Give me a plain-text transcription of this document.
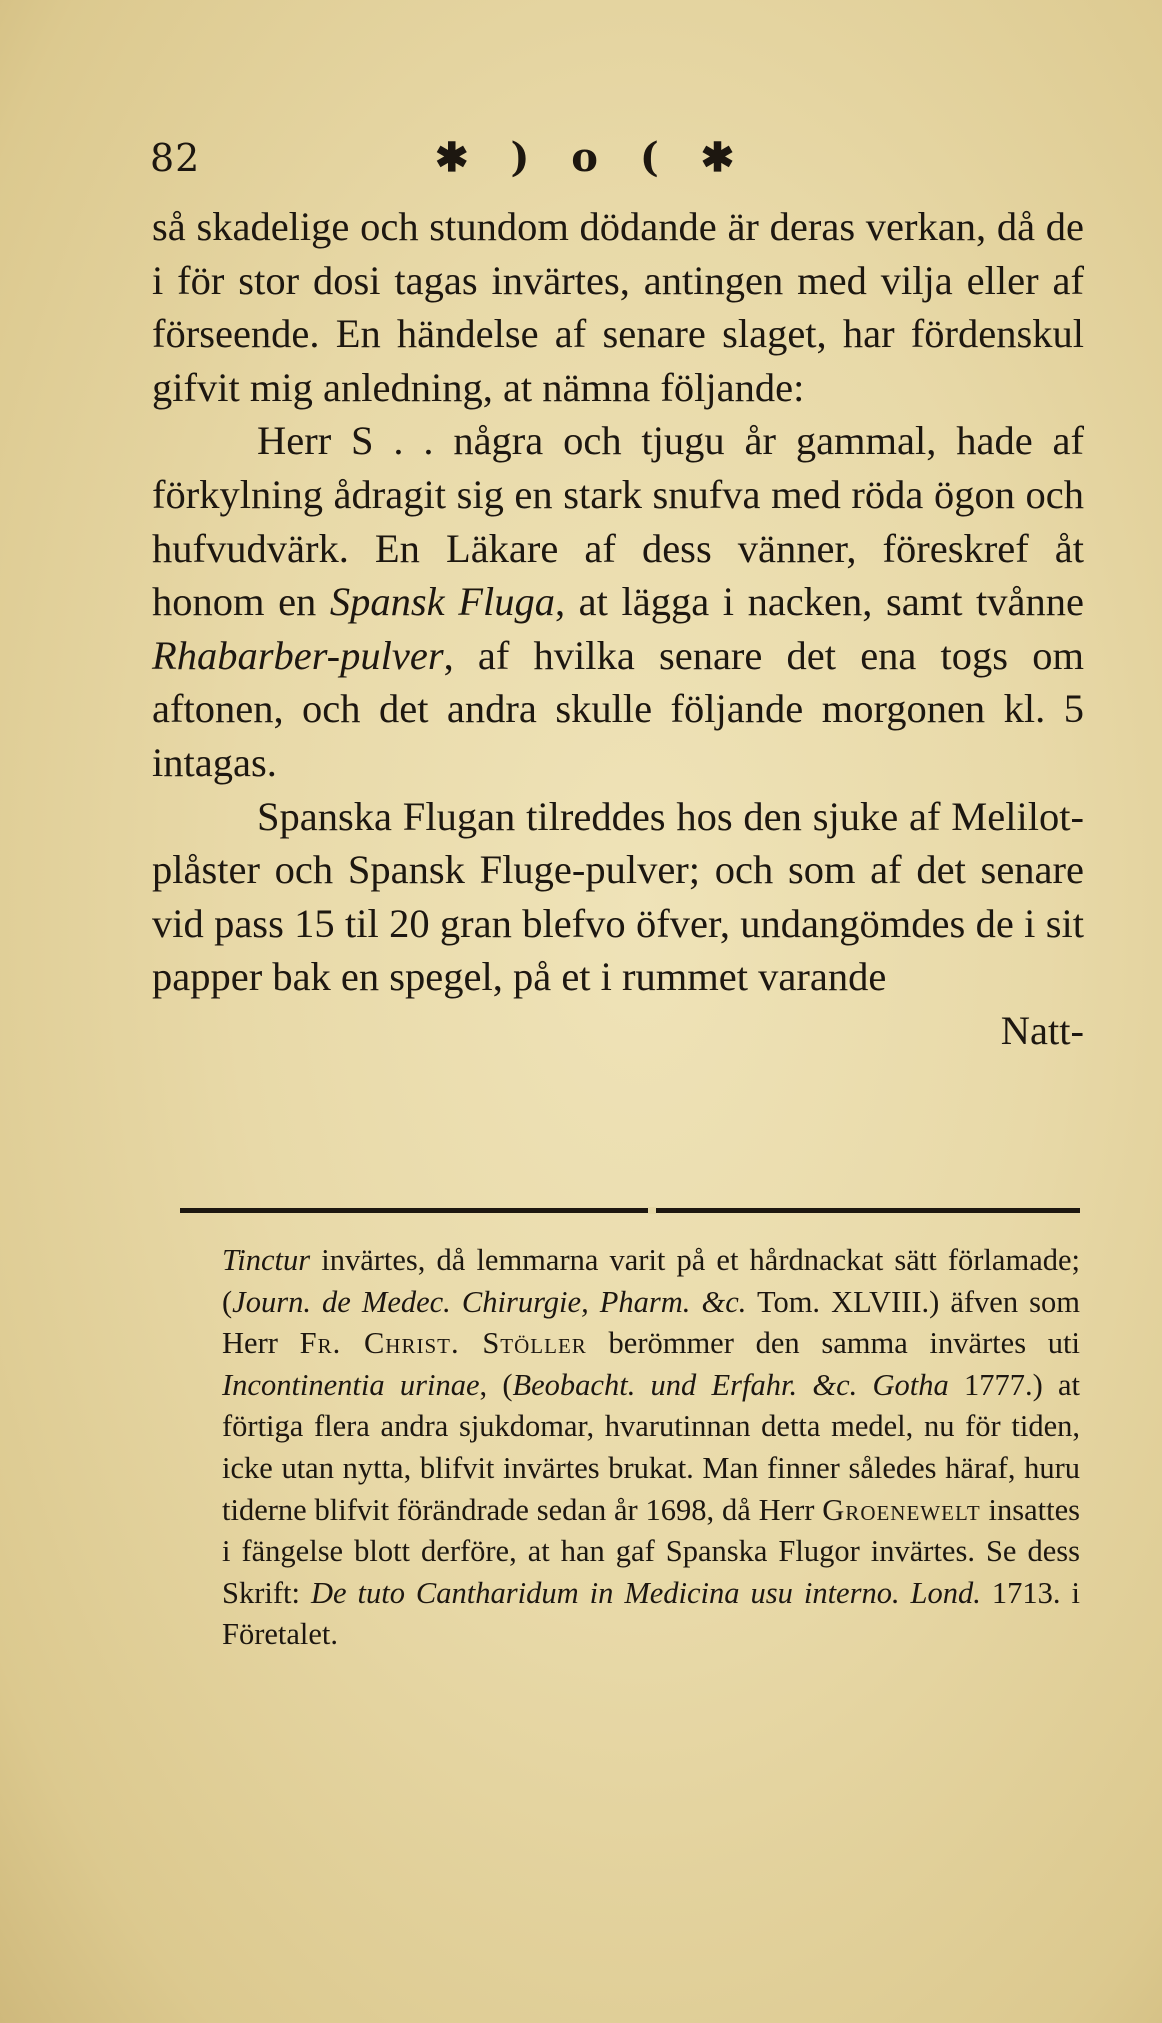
82	✱ ) o ( ✱

så skadelige och stundom dödande är deras verkan, då de i för stor dosi tagas invärtes, antingen med vilja eller af förseende. En händelse af senare slaget, har fördenskul gifvit mig anledning, at nämna följande:

Herr S . . några och tjugu år gammal, hade af förkylning ådragit sig en stark snufva med röda ögon och hufvudvärk. En Läkare af dess vänner, föreskref åt honom en Spansk Fluga, at lägga i nacken, samt tvånne Rhabarber-pulver, af hvilka senare det ena togs om aftonen, och det andra skulle följande morgonen kl. 5 intagas.

Spanska Flugan tilreddes hos den sjuke af Melilot-plåster och Spansk Fluge-pulver; och som af det senare vid pass 15 til 20 gran blefvo öfver, undangömdes de i sit papper bak en spegel, på et i rummet varande

Natt-

Tinctur invärtes, då lemmarna varit på et hårdnackat sätt förlamade; (Journ. de Medec. Chirurgie, Pharm. &c. Tom. XLVIII.) äfven som Herr Fr. Christ. Stöller berömmer den samma invärtes uti Incontinentia urinae, (Beobacht. und Erfahr. &c. Gotha 1777.) at förtiga flera andra sjukdomar, hvarutinnan detta medel, nu för tiden, icke utan nytta, blifvit invärtes brukat. Man finner således häraf, huru tiderne blifvit förändrade sedan år 1698, då Herr Groenewelt insattes i fängelse blott derföre, at han gaf Spanska Flugor invärtes. Se dess Skrift: De tuto Cantharidum in Medicina usu interno. Lond. 1713. i Företalet.
